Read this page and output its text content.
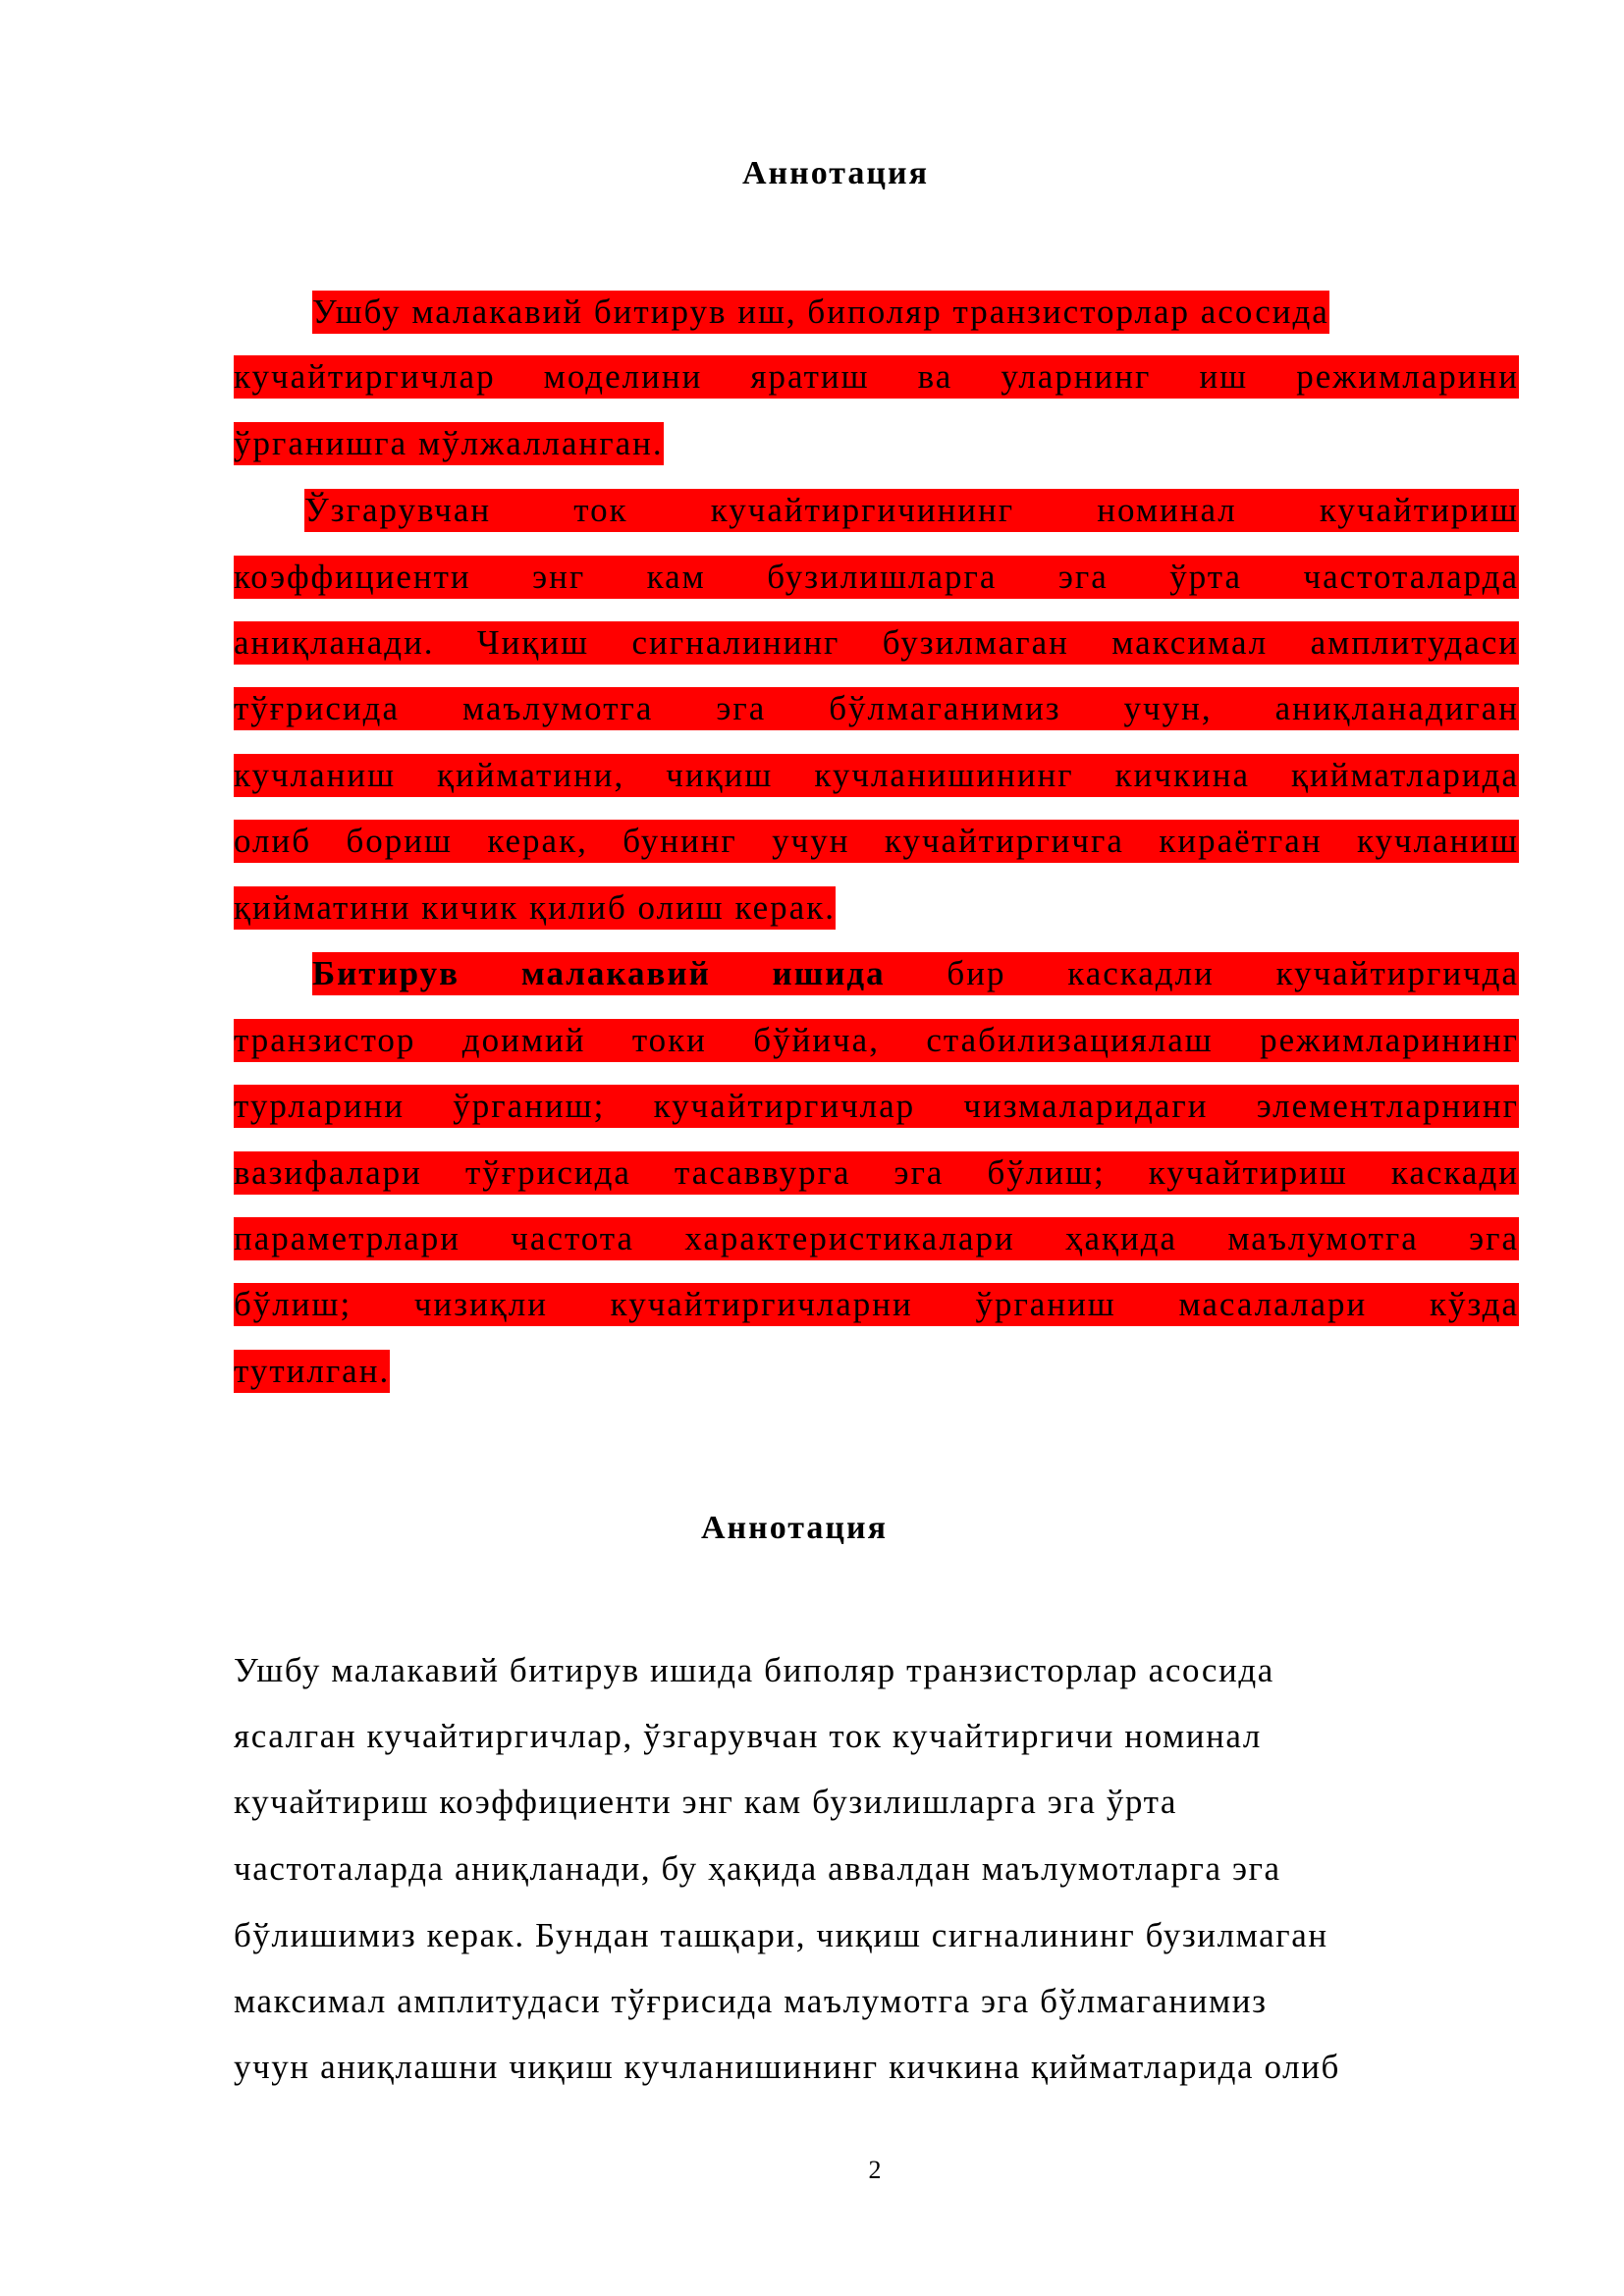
Аннотация
Ушбу малакавий битирув иш, биполяр транзисторлар асосида
кучайтиргичлар моделини яратиш ва уларнинг иш режимларини
ўрганишга мўлжалланган.
Ўзгарувчан ток кучайтиргичининг номинал кучайтириш
коэффициенти энг кам бузилишларга эга ўрта частоталарда
аниқланади. Чиқиш сигналининг бузилмаган максимал амплитудаси
тўғрисида маълумотга эга бўлмаганимиз учун, аниқланадиган
кучланиш қийматини, чиқиш кучланишининг кичкина қийматларида
олиб бориш керак, бунинг учун кучайтиргичга кираётган кучланиш
қийматини кичик қилиб олиш керак.
Битирув малакавий ишида бир каскадли кучайтиргичда
транзистор доимий токи бўйича, стабилизациялаш режимларининг
турларини ўрганиш; кучайтиргичлар чизмаларидаги элементларнинг
вазифалари тўғрисида тасаввурга эга бўлиш; кучайтириш каскади
параметрлари частота характеристикалари ҳақида маълумотга эга
бўлиш; чизиқли кучайтиргичларни ўрганиш масалалари кўзда
тутилган.
Аннотация
Ушбу малакавий битирув ишида биполяр транзисторлар асосида
ясалган кучайтиргичлар, ўзгарувчан ток кучайтиргичи номинал
кучайтириш коэффициенти энг кам бузилишларга эга ўрта
частоталарда аниқланади, бу ҳақида аввалдан маълумотларга эга
бўлишимиз керак. Бундан ташқари, чиқиш сигналининг бузилмаган
максимал амплитудаси тўғрисида маълумотга эга бўлмаганимиз
учун аниқлашни чиқиш кучланишининг кичкина қийматларида олиб
2
